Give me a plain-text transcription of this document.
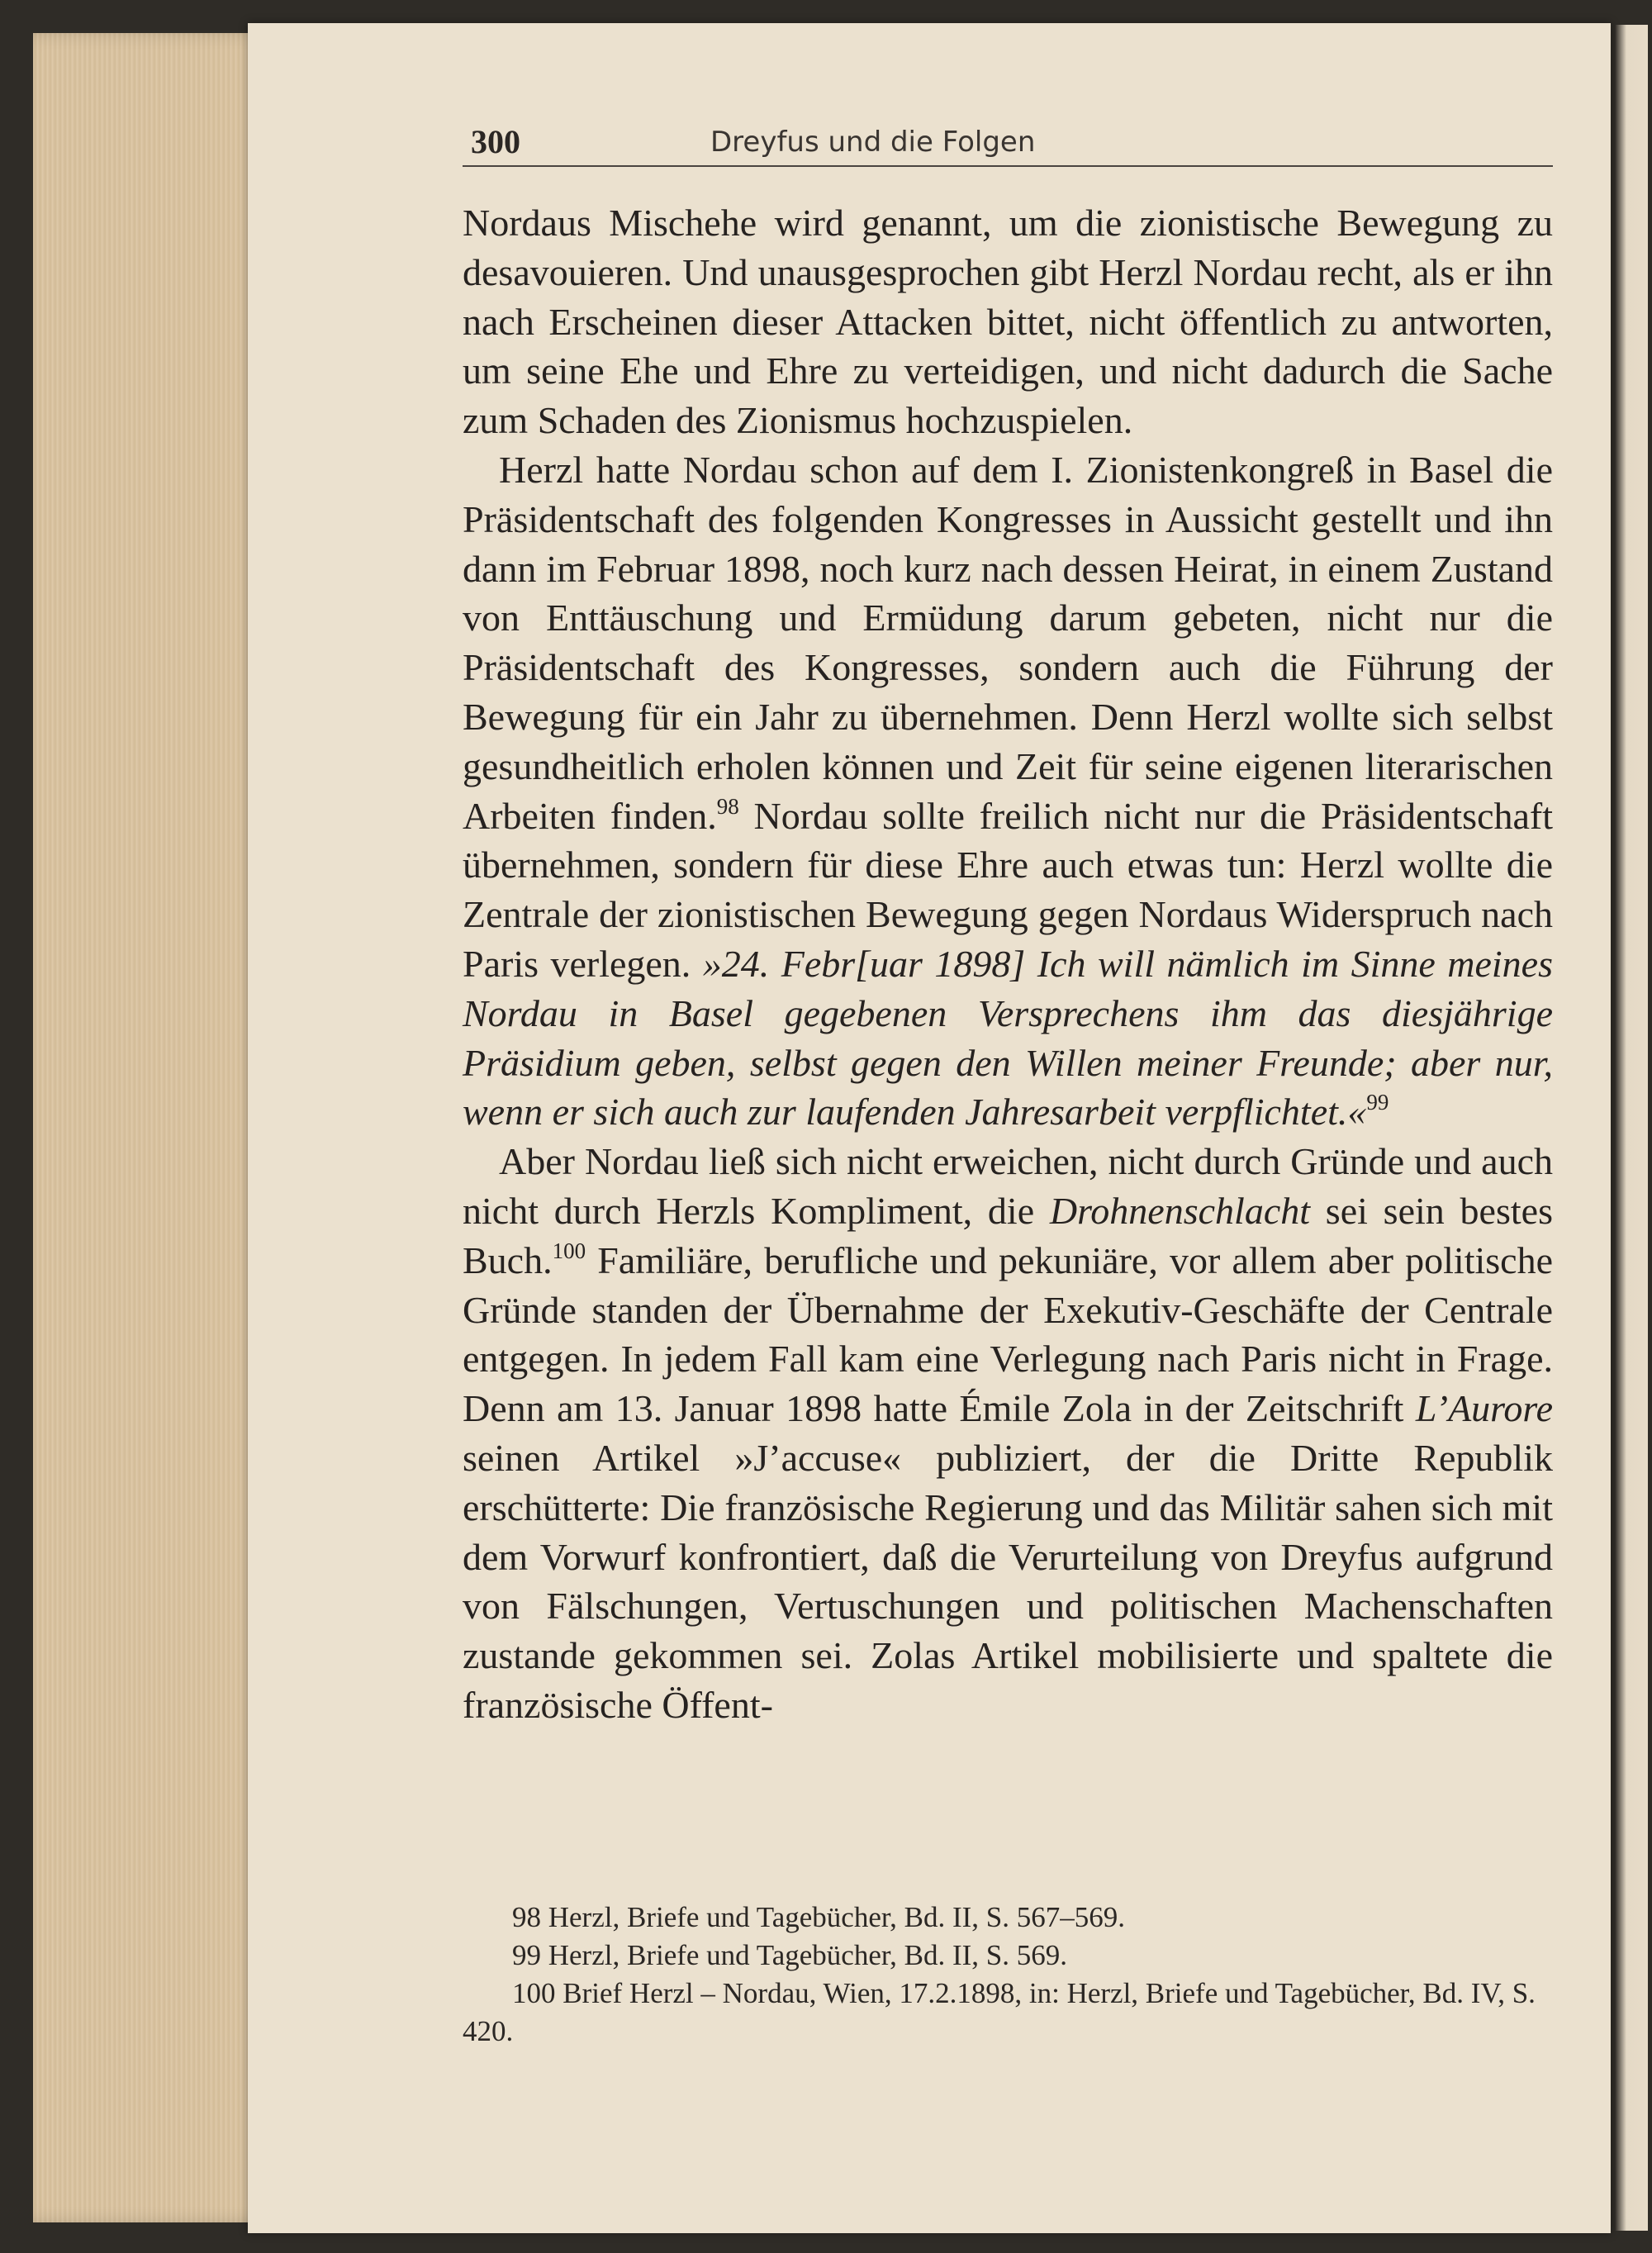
300	Dreyfus und die Folgen

Nordaus Mischehe wird genannt, um die zionistische Bewegung zu desavouieren. Und unausgesprochen gibt Herzl Nordau recht, als er ihn nach Erscheinen dieser Attacken bittet, nicht öffentlich zu antworten, um seine Ehe und Ehre zu verteidigen, und nicht dadurch die Sache zum Schaden des Zionismus hochzuspielen.

Herzl hatte Nordau schon auf dem I. Zionistenkongreß in Basel die Präsidentschaft des folgenden Kongresses in Aussicht gestellt und ihn dann im Februar 1898, noch kurz nach dessen Heirat, in einem Zustand von Enttäuschung und Ermüdung darum gebeten, nicht nur die Präsidentschaft des Kongresses, sondern auch die Führung der Bewegung für ein Jahr zu übernehmen. Denn Herzl wollte sich selbst gesundheitlich erholen können und Zeit für seine eigenen literarischen Arbeiten finden.$^{98}$ Nordau sollte freilich nicht nur die Präsidentschaft übernehmen, sondern für diese Ehre auch etwas tun: Herzl wollte die Zentrale der zionistischen Bewegung gegen Nordaus Widerspruch nach Paris verlegen. »24. Febr[uar 1898] Ich will nämlich im Sinne meines Nordau in Basel gegebenen Versprechens ihm das diesjährige Präsidium geben, selbst gegen den Willen meiner Freunde; aber nur, wenn er sich auch zur laufenden Jahresarbeit verpflichtet.«$^{99}$

Aber Nordau ließ sich nicht erweichen, nicht durch Gründe und auch nicht durch Herzls Kompliment, die Drohnenschlacht sei sein bestes Buch.$^{100}$ Familiäre, berufliche und pekuniäre, vor allem aber politische Gründe standen der Übernahme der Exekutiv-Geschäfte der Centrale entgegen. In jedem Fall kam eine Verlegung nach Paris nicht in Frage. Denn am 13. Januar 1898 hatte Émile Zola in der Zeitschrift L’Aurore seinen Artikel »J’accuse« publiziert, der die Dritte Republik erschütterte: Die französische Regierung und das Militär sahen sich mit dem Vorwurf konfrontiert, daß die Verurteilung von Dreyfus aufgrund von Fälschungen, Vertuschungen und politischen Machenschaften zustande gekommen sei. Zolas Artikel mobilisierte und spaltete die französische Öffent-

98 Herzl, Briefe und Tagebücher, Bd. II, S. 567–569.

99 Herzl, Briefe und Tagebücher, Bd. II, S. 569.

100 Brief Herzl – Nordau, Wien, 17.2.1898, in: Herzl, Briefe und Tagebücher, Bd. IV, S. 420.
